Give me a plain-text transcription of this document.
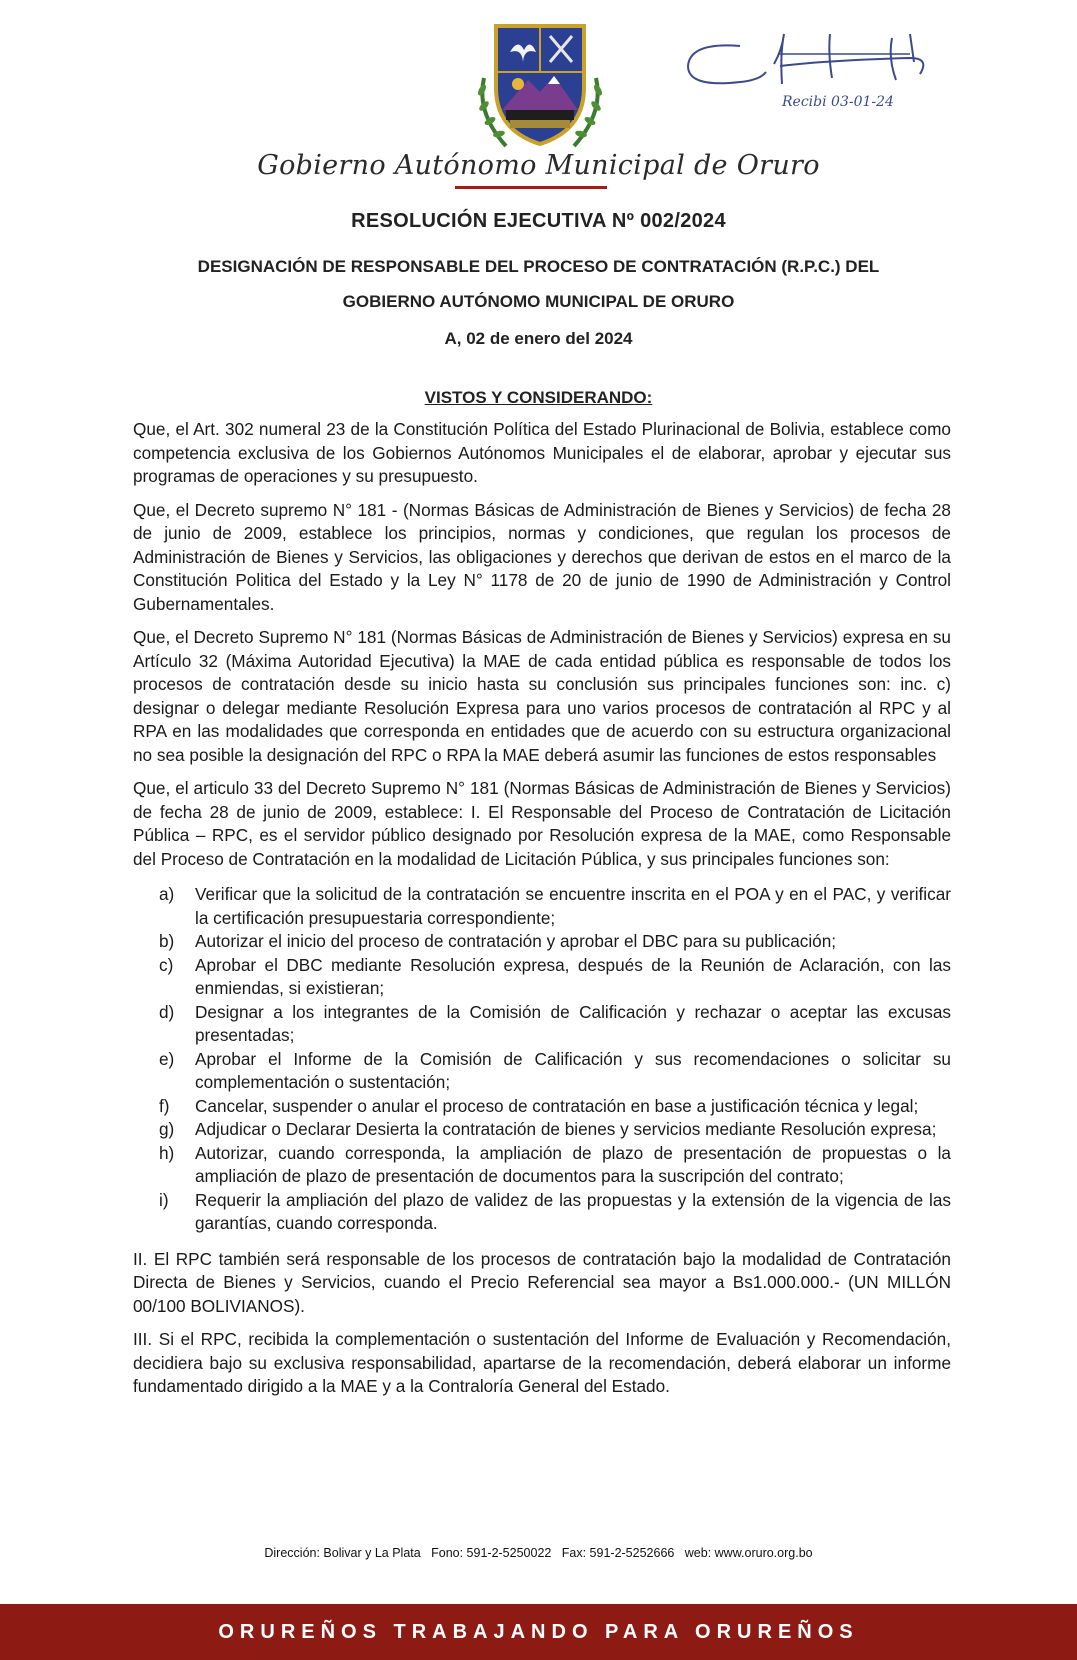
Recibi 03-01-24
Gobierno Autónomo Municipal de Oruro
RESOLUCIÓN EJECUTIVA Nº 002/2024
DESIGNACIÓN DE RESPONSABLE DEL PROCESO DE CONTRATACIÓN (R.P.C.) DEL
GOBIERNO AUTÓNOMO MUNICIPAL DE ORURO
A, 02 de enero del 2024
VISTOS Y CONSIDERANDO:

Que, el Art. 302 numeral 23 de la Constitución Política del Estado Plurinacional de Bolivia, establece como competencia exclusiva de los Gobiernos Autónomos Municipales el de elaborar, aprobar y ejecutar sus programas de operaciones y su presupuesto.

Que, el Decreto supremo N° 181 - (Normas Básicas de Administración de Bienes y Servicios) de fecha 28 de junio de 2009, establece los principios, normas y condiciones, que regulan los procesos de Administración de Bienes y Servicios, las obligaciones y derechos que derivan de estos en el marco de la Constitución Politica del Estado y la Ley N° 1178 de 20 de junio de 1990 de Administración y Control Gubernamentales.

Que, el Decreto Supremo N° 181 (Normas Básicas de Administración de Bienes y Servicios) expresa en su Artículo 32 (Máxima Autoridad Ejecutiva) la MAE de cada entidad pública es responsable de todos los procesos de contratación desde su inicio hasta su conclusión sus principales funciones son: inc. c) designar o delegar mediante Resolución Expresa para uno varios procesos de contratación al RPC y al RPA en las modalidades que corresponda en entidades que de acuerdo con su estructura organizacional no sea posible la designación del RPC o RPA la MAE deberá asumir las funciones de estos responsables

Que, el articulo 33 del Decreto Supremo N° 181 (Normas Básicas de Administración de Bienes y Servicios) de fecha 28 de junio de 2009, establece: I. El Responsable del Proceso de Contratación de Licitación Pública – RPC, es el servidor público designado por Resolución expresa de la MAE, como Responsable del Proceso de Contratación en la modalidad de Licitación Pública, y sus principales funciones son:

a) Verificar que la solicitud de la contratación se encuentre inscrita en el POA y en el PAC, y verificar la certificación presupuestaria correspondiente;
b) Autorizar el inicio del proceso de contratación y aprobar el DBC para su publicación;
c) Aprobar el DBC mediante Resolución expresa, después de la Reunión de Aclaración, con las enmiendas, si existieran;
d) Designar a los integrantes de la Comisión de Calificación y rechazar o aceptar las excusas presentadas;
e) Aprobar el Informe de la Comisión de Calificación y sus recomendaciones o solicitar su complementación o sustentación;
f) Cancelar, suspender o anular el proceso de contratación en base a justificación técnica y legal;
g) Adjudicar o Declarar Desierta la contratación de bienes y servicios mediante Resolución expresa;
h) Autorizar, cuando corresponda, la ampliación de plazo de presentación de propuestas o la ampliación de plazo de presentación de documentos para la suscripción del contrato;
i) Requerir la ampliación del plazo de validez de las propuestas y la extensión de la vigencia de las garantías, cuando corresponda.

II. El RPC también será responsable de los procesos de contratación bajo la modalidad de Contratación Directa de Bienes y Servicios, cuando el Precio Referencial sea mayor a Bs1.000.000.- (UN MILLÓN 00/100 BOLIVIANOS).

III. Si el RPC, recibida la complementación o sustentación del Informe de Evaluación y Recomendación, decidiera bajo su exclusiva responsabilidad, apartarse de la recomendación, deberá elaborar un informe fundamentado dirigido a la MAE y a la Contraloría General del Estado.

Dirección: Bolivar y La Plata   Fono: 591-2-5250022   Fax: 591-2-5252666   web: www.oruro.org.bo
ORUREÑOS TRABAJANDO PARA ORUREÑOS
